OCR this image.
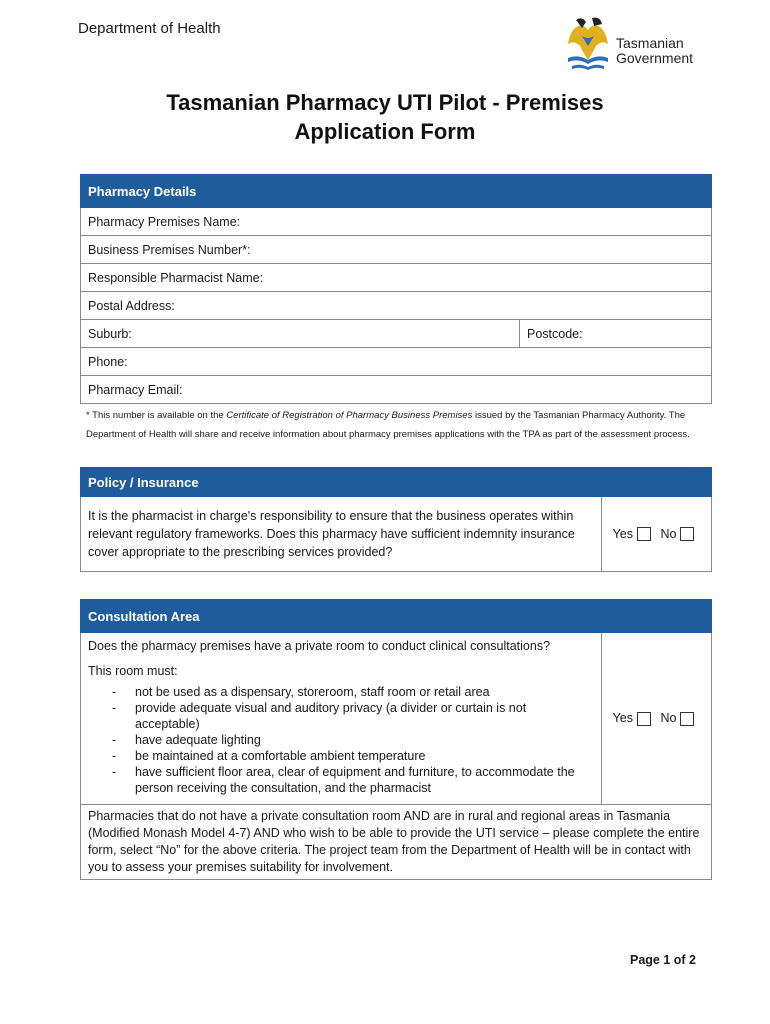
Department of Health
Tasmanian
Government
Tasmanian Pharmacy UTI Pilot - Premises
Application Form
Pharmacy Details
Pharmacy Premises Name:
Business Premises Number*:
Responsible Pharmacist Name:
Postal Address:
Suburb:	Postcode:
Phone:
Pharmacy Email:
* This number is available on the Certificate of Registration of Pharmacy Business Premises issued by the Tasmanian Pharmacy Authority. The Department of Health will share and receive information about pharmacy premises applications with the TPA as part of the assessment process.
Policy / Insurance
It is the pharmacist in charge's responsibility to ensure that the business operates within relevant regulatory frameworks. Does this pharmacy have sufficient indemnity insurance cover appropriate to the prescribing services provided?	Yes No
Consultation Area

Does the pharmacy premises have a private room to conduct clinical consultations?
This room must:
- not be used as a dispensary, storeroom, staff room or retail area
- provide adequate visual and auditory privacy (a divider or curtain is not acceptable)
- have adequate lighting
- be maintained at a comfortable ambient temperature
- have sufficient floor area, clear of equipment and furniture, to accommodate the person receiving the consultation, and the pharmacist
	Yes No
Pharmacies that do not have a private consultation room AND are in rural and regional areas in Tasmania (Modified Monash Model 4-7) AND who wish to be able to provide the UTI service – please complete the entire form, select “No” for the above criteria. The project team from the Department of Health will be in contact with you to assess your premises suitability for involvement.
Page 1 of 2
